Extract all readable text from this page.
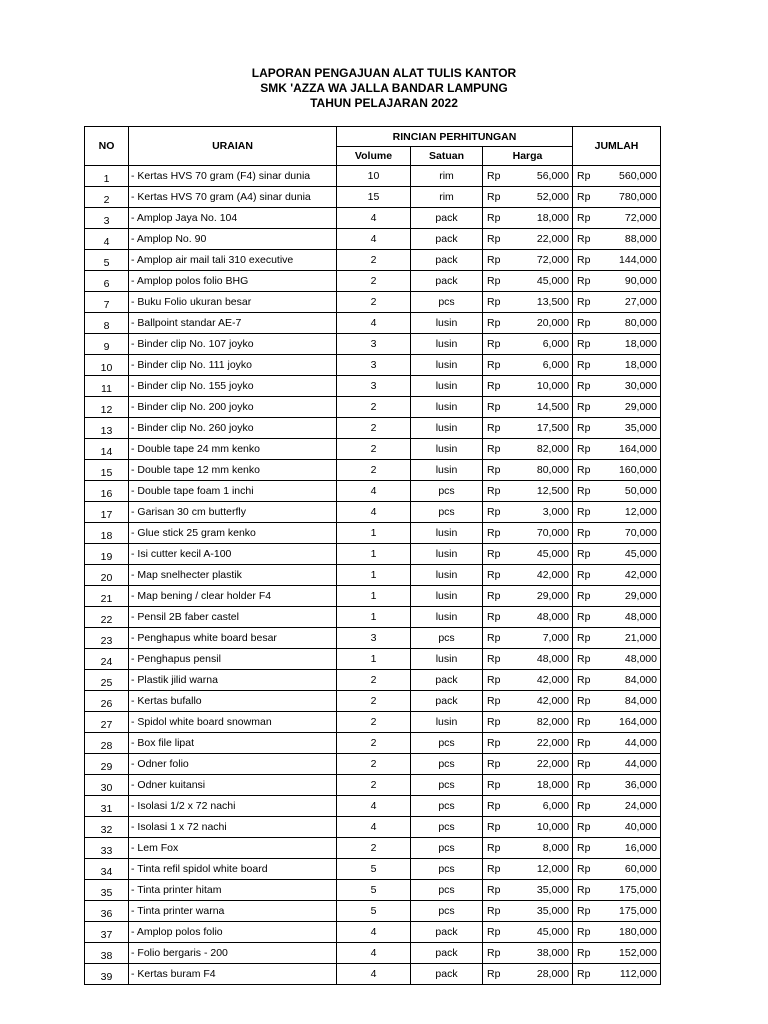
LAPORAN PENGAJUAN ALAT TULIS KANTOR
SMK 'AZZA WA JALLA BANDAR LAMPUNG
TAHUN PELAJARAN 2022
NO	URAIAN	RINCIAN PERHITUNGAN			JUMLAH
		Volume	Satuan	Harga	
1	- Kertas HVS 70 gram (F4) sinar dunia	10	rim	Rp 56,000	Rp 560,000

2	- Kertas HVS 70 gram (A4) sinar dunia	15	rim	Rp 52,000	Rp 780,000

3	- Amplop Jaya No. 104	4	pack	Rp 18,000	Rp 72,000

4	- Amplop No. 90	4	pack	Rp 22,000	Rp 88,000

5	- Amplop air mail tali 310 executive	2	pack	Rp 72,000	Rp 144,000

6	- Amplop polos folio BHG	2	pack	Rp 45,000	Rp 90,000

7	- Buku Folio ukuran besar	2	pcs	Rp 13,500	Rp 27,000

8	- Ballpoint standar AE-7	4	lusin	Rp 20,000	Rp 80,000

9	- Binder clip No. 107 joyko	3	lusin	Rp 6,000	Rp 18,000

10	- Binder clip No. 111 joyko	3	lusin	Rp 6,000	Rp 18,000

11	- Binder clip No. 155 joyko	3	lusin	Rp 10,000	Rp 30,000

12	- Binder clip No. 200 joyko	2	lusin	Rp 14,500	Rp 29,000

13	- Binder clip No. 260 joyko	2	lusin	Rp 17,500	Rp 35,000

14	- Double tape 24 mm kenko	2	lusin	Rp 82,000	Rp 164,000

15	- Double tape 12 mm kenko	2	lusin	Rp 80,000	Rp 160,000

16	- Double tape foam 1 inchi	4	pcs	Rp 12,500	Rp 50,000

17	- Garisan 30 cm butterfly	4	pcs	Rp 3,000	Rp 12,000

18	- Glue stick 25 gram kenko	1	lusin	Rp 70,000	Rp 70,000

19	- Isi cutter kecil A-100	1	lusin	Rp 45,000	Rp 45,000

20	- Map snelhecter plastik	1	lusin	Rp 42,000	Rp 42,000

21	- Map bening / clear holder F4	1	lusin	Rp 29,000	Rp 29,000

22	- Pensil 2B faber castel	1	lusin	Rp 48,000	Rp 48,000

23	- Penghapus white board besar	3	pcs	Rp 7,000	Rp 21,000

24	- Penghapus pensil	1	lusin	Rp 48,000	Rp 48,000

25	- Plastik jilid warna	2	pack	Rp 42,000	Rp 84,000

26	- Kertas bufallo	2	pack	Rp 42,000	Rp 84,000

27	- Spidol white board snowman	2	lusin	Rp 82,000	Rp 164,000

28	- Box file lipat	2	pcs	Rp 22,000	Rp 44,000

29	- Odner folio	2	pcs	Rp 22,000	Rp 44,000

30	- Odner kuitansi	2	pcs	Rp 18,000	Rp 36,000

31	- Isolasi 1/2 x 72 nachi	4	pcs	Rp 6,000	Rp 24,000

32	- Isolasi 1 x 72 nachi	4	pcs	Rp 10,000	Rp 40,000

33	- Lem Fox	2	pcs	Rp 8,000	Rp 16,000

34	- Tinta refil spidol white board	5	pcs	Rp 12,000	Rp 60,000

35	- Tinta printer hitam	5	pcs	Rp 35,000	Rp 175,000

36	- Tinta printer warna	5	pcs	Rp 35,000	Rp 175,000

37	- Amplop polos folio	4	pack	Rp 45,000	Rp 180,000

38	- Folio bergaris - 200	4	pack	Rp 38,000	Rp 152,000

39	- Kertas buram F4	4	pack	Rp 28,000	Rp 112,000
